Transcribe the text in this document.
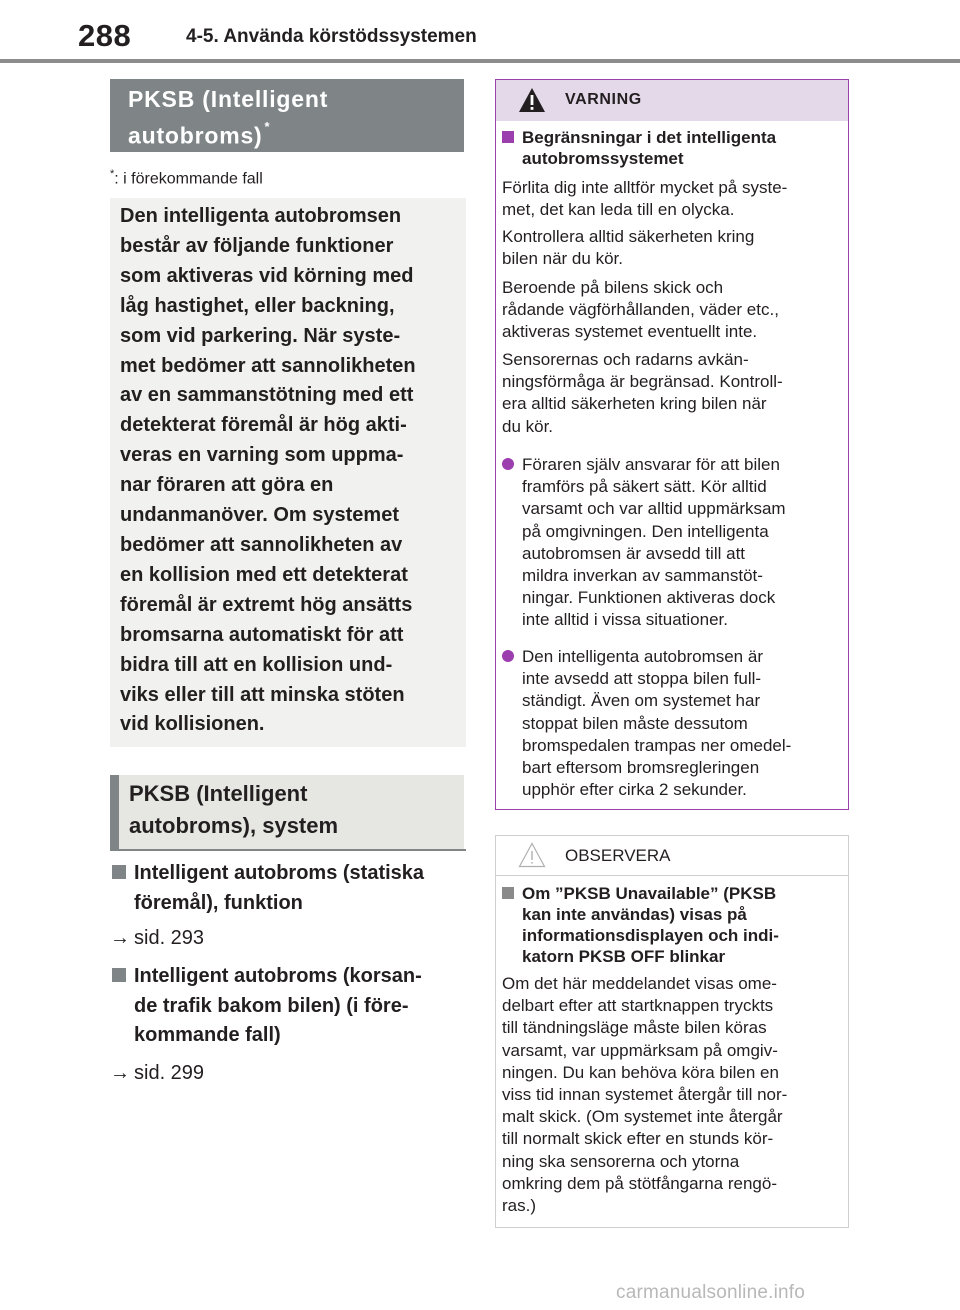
288	4-5. Använda körstödssystemen
PKSB (Intelligent
autobroms) *
*: i förekommande fall
Den intelligenta autobromsen
består av följande funktioner
som aktiveras vid körning med
låg hastighet, eller backning,
som vid parkering. När syste-
met bedömer att sannolikheten
av en sammanstötning med ett
detekterat föremål är hög akti-
veras en varning som uppma-
nar föraren att göra en
undanmanöver. Om systemet
bedömer att sannolikheten av
en kollision med ett detekterat
föremål är extremt hög ansätts
bromsarna automatiskt för att
bidra till att en kollision und-
viks eller till att minska stöten
vid kollisionen.
PKSB (Intelligent
autobroms), system
Intelligent autobroms (statiska
föremål), funktion
→ sid. 293
Intelligent autobroms (korsan-
de trafik bakom bilen) (i före-
kommande fall)
→ sid. 299
VARNING
Begränsningar i det intelligenta
autobromssystemet
Förlita dig inte alltför mycket på syste-
met, det kan leda till en olycka.
Kontrollera alltid säkerheten kring
bilen när du kör.
Beroende på bilens skick och
rådande vägförhållanden, väder etc.,
aktiveras systemet eventuellt inte.
Sensorernas och radarns avkän-
ningsförmåga är begränsad. Kontroll-
era alltid säkerheten kring bilen när
du kör.
Föraren själv ansvarar för att bilen
framförs på säkert sätt. Kör alltid
varsamt och var alltid uppmärksam
på omgivningen. Den intelligenta
autobromsen är avsedd till att
mildra inverkan av sammanstöt-
ningar. Funktionen aktiveras dock
inte alltid i vissa situationer.
Den intelligenta autobromsen är
inte avsedd att stoppa bilen full-
ständigt. Även om systemet har
stoppat bilen måste dessutom
bromspedalen trampas ner omedel-
bart eftersom bromsregleringen
upphör efter cirka 2 sekunder.
OBSERVERA
Om ”PKSB Unavailable” (PKSB
kan inte användas) visas på
informationsdisplayen och indi-
katorn PKSB OFF blinkar
Om det här meddelandet visas ome-
delbart efter att startknappen tryckts
till tändningsläge måste bilen köras
varsamt, var uppmärksam på omgiv-
ningen. Du kan behöva köra bilen en
viss tid innan systemet återgår till nor-
malt skick. (Om systemet inte återgår
till normalt skick efter en stunds kör-
ning ska sensorerna och ytorna
omkring dem på stötfångarna rengö-
ras.)
carmanualsonline.info
